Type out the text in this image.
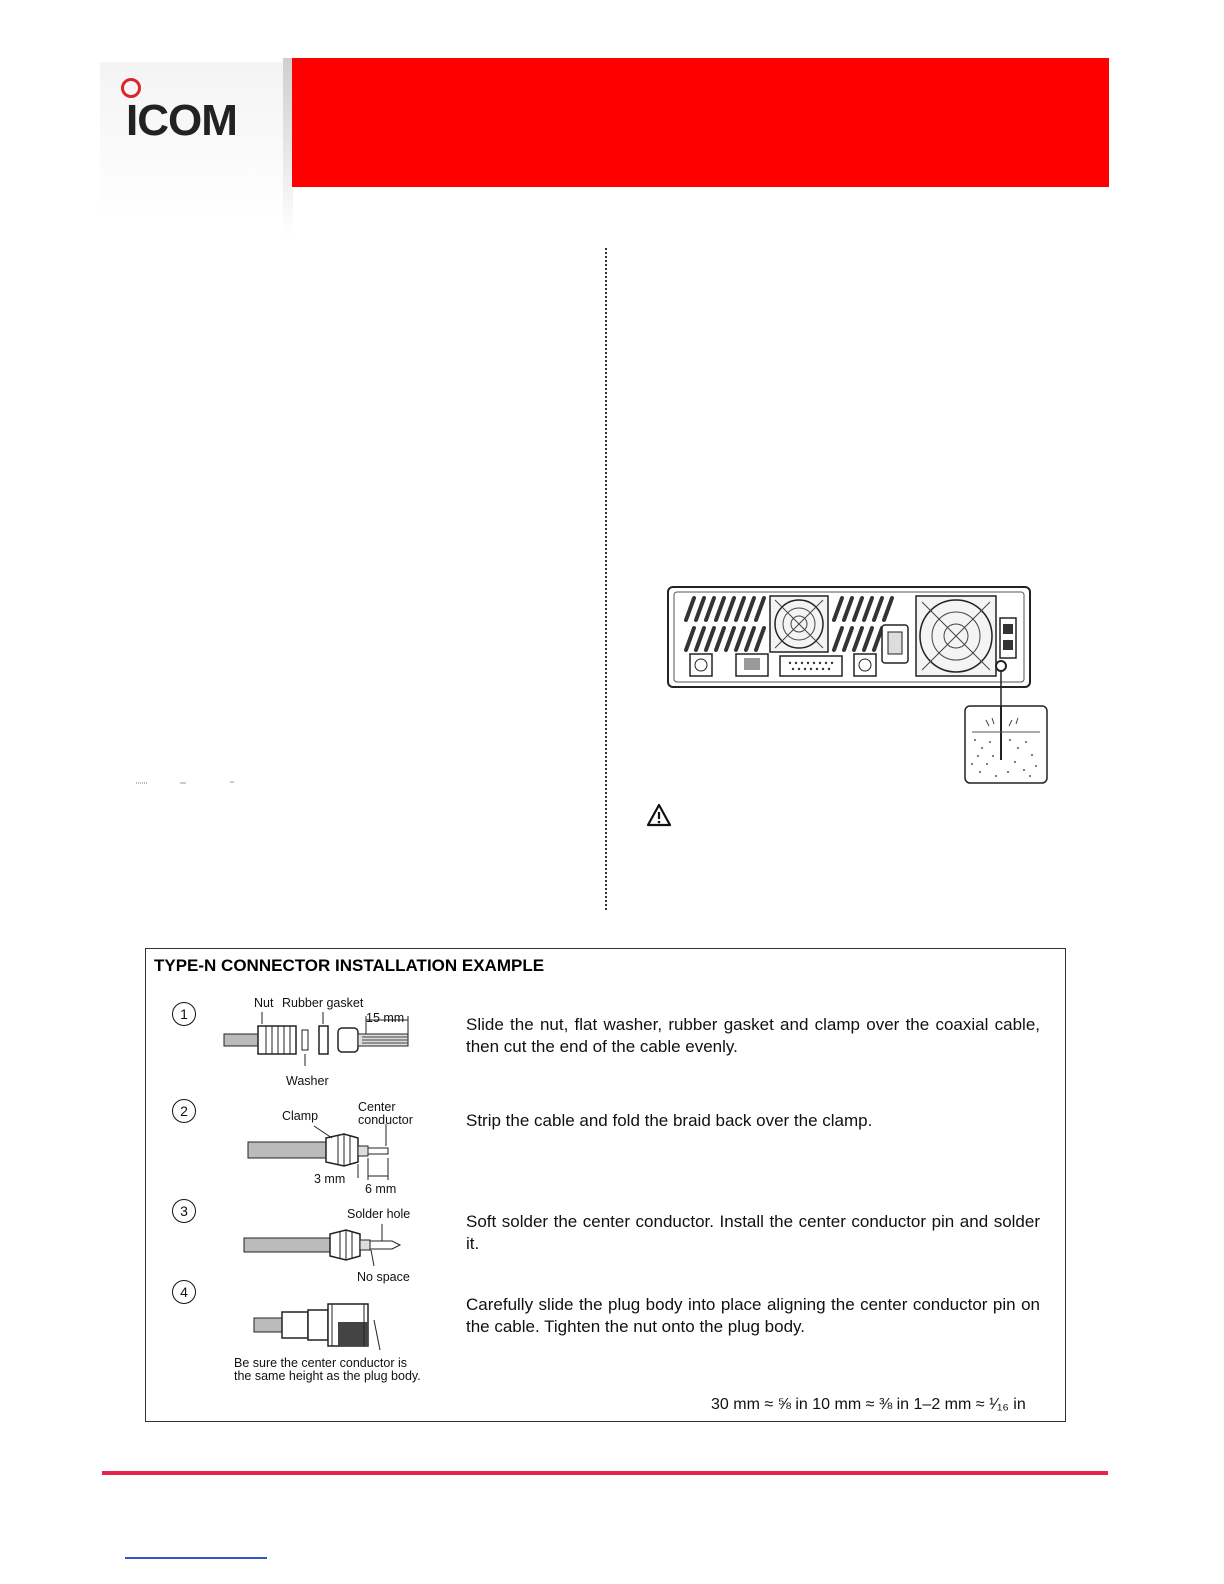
ICOM
TYPE-N CONNECTOR INSTALLATION EXAMPLE
1
Nut Rubber gasket
15 mm
Washer
Slide the nut, flat washer, rubber gasket and clamp over the coaxial cable, then cut the end of the cable evenly.
2	Clamp
Center
conductor
3 mm
6 mm
Strip the cable and fold the braid back over the clamp.
3	Solder hole
No space
Soft solder the center conductor. Install the center conductor pin and solder it.
4
Be sure the center conductor is
the same height as the plug body.
Carefully slide the plug body into place aligning the center conductor pin on the cable. Tighten the nut onto the plug body.
30 mm ≈ ⅝ in 10 mm ≈ ⅜ in 1–2 mm ≈ ¹⁄₁₆ in
